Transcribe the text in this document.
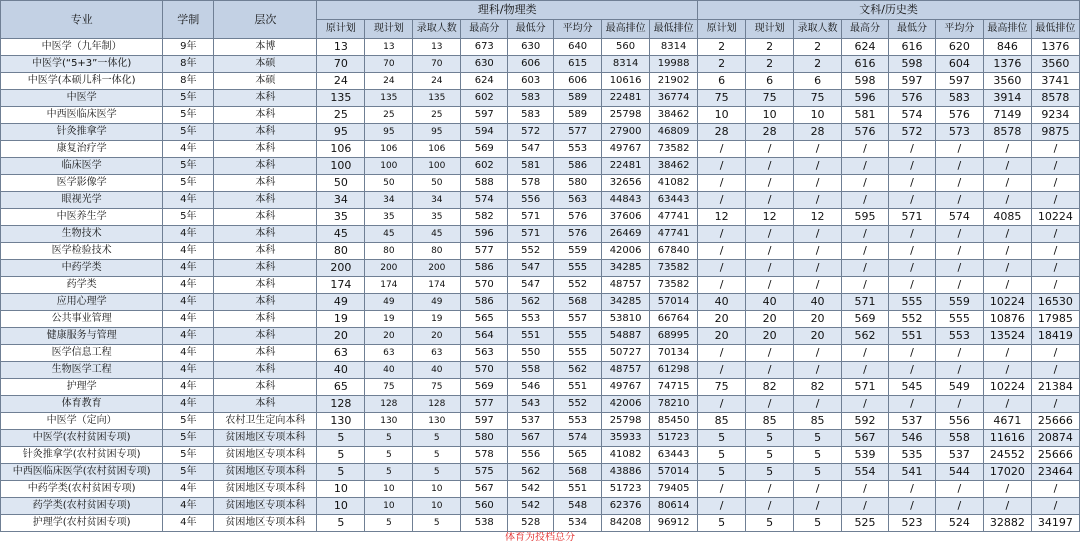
专业	学制	层次	理科/物理类								文科/历史类							
			原计划	现计划	录取人数	最高分	最低分	平均分	最高排位	最低排位	原计划	现计划	录取人数	最高分	最低分	平均分	最高排位	最低排位
中医学（九年制）	9年	本博	13	13	13	673	630	640	560	8314	2	2	2	624	616	620	846	1376
中医学(“5+3”一体化)	8年	本硕	70	70	70	630	606	615	8314	19988	2	2	2	616	598	604	1376	3560
中医学(本硕儿科一体化)	8年	本硕	24	24	24	624	603	606	10616	21902	6	6	6	598	597	597	3560	3741
中医学	5年	本科	135	135	135	602	583	589	22481	36774	75	75	75	596	576	583	3914	8578
中西医临床医学	5年	本科	25	25	25	597	583	589	25798	38462	10	10	10	581	574	576	7149	9234
针灸推拿学	5年	本科	95	95	95	594	572	577	27900	46809	28	28	28	576	572	573	8578	9875
康复治疗学	4年	本科	106	106	106	569	547	553	49767	73582	/	/	/	/	/	/	/	/
临床医学	5年	本科	100	100	100	602	581	586	22481	38462	/	/	/	/	/	/	/	/
医学影像学	5年	本科	50	50	50	588	578	580	32656	41082	/	/	/	/	/	/	/	/
眼视光学	4年	本科	34	34	34	574	556	563	44843	63443	/	/	/	/	/	/	/	/
中医养生学	5年	本科	35	35	35	582	571	576	37606	47741	12	12	12	595	571	574	4085	10224
生物技术	4年	本科	45	45	45	596	571	576	26469	47741	/	/	/	/	/	/	/	/
医学检验技术	4年	本科	80	80	80	577	552	559	42006	67840	/	/	/	/	/	/	/	/
中药学类	4年	本科	200	200	200	586	547	555	34285	73582	/	/	/	/	/	/	/	/
药学类	4年	本科	174	174	174	570	547	552	48757	73582	/	/	/	/	/	/	/	/
应用心理学	4年	本科	49	49	49	586	562	568	34285	57014	40	40	40	571	555	559	10224	16530
公共事业管理	4年	本科	19	19	19	565	553	557	53810	66764	20	20	20	569	552	555	10876	17985
健康服务与管理	4年	本科	20	20	20	564	551	555	54887	68995	20	20	20	562	551	553	13524	18419
医学信息工程	4年	本科	63	63	63	563	550	555	50727	70134	/	/	/	/	/	/	/	/
生物医学工程	4年	本科	40	40	40	570	558	562	48757	61298	/	/	/	/	/	/	/	/
护理学	4年	本科	65	75	75	569	546	551	49767	74715	75	82	82	571	545	549	10224	21384
体育教育	4年	本科	128	128	128	577	543	552	42006	78210	/	/	/	/	/	/	/	/
中医学（定向）	5年	农村卫生定向本科	130	130	130	597	537	553	25798	85450	85	85	85	592	537	556	4671	25666
中医学(农村贫困专项)	5年	贫困地区专项本科	5	5	5	580	567	574	35933	51723	5	5	5	567	546	558	11616	20874
针灸推拿学(农村贫困专项)	5年	贫困地区专项本科	5	5	5	578	556	565	41082	63443	5	5	5	539	535	537	24552	25666
中西医临床医学(农村贫困专项)	5年	贫困地区专项本科	5	5	5	575	562	568	43886	57014	5	5	5	554	541	544	17020	23464
中药学类(农村贫困专项)	4年	贫困地区专项本科	10	10	10	567	542	551	51723	79405	/	/	/	/	/	/	/	/
药学类(农村贫困专项)	4年	贫困地区专项本科	10	10	10	560	542	548	62376	80614	/	/	/	/	/	/	/	/
护理学(农村贫困专项)	4年	贫困地区专项本科	5	5	5	538	528	534	84208	96912	5	5	5	525	523	524	32882	34197
体育为投档总分																		
